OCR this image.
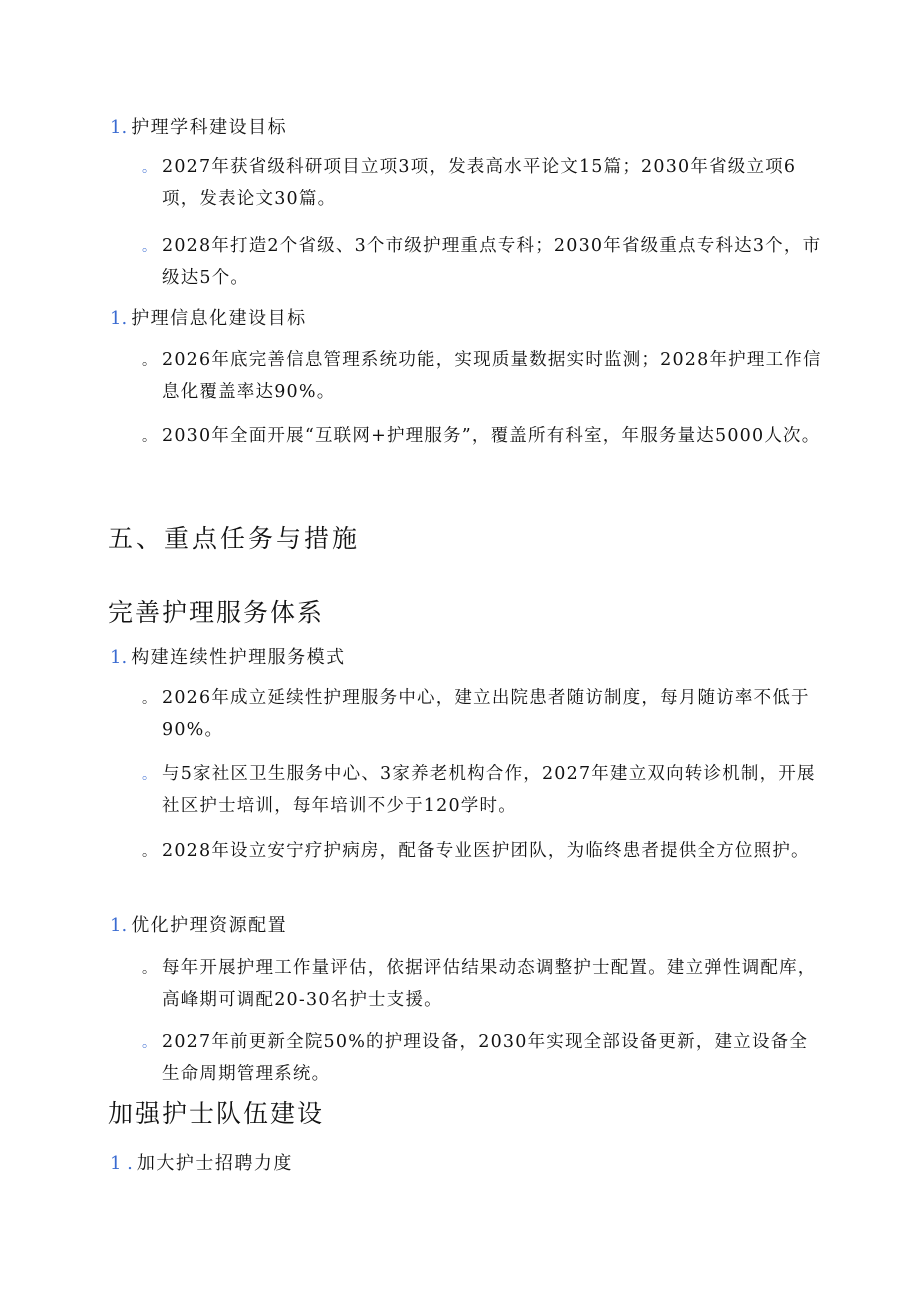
1. 护理学科建设目标
。 2027年获省级科研项目立项3项，发表高水平论文15篇；2030年省级立项6项，发表论文30篇。
。 2028年打造2个省级、3个市级护理重点专科；2030年省级重点专科达3个，市级达5个。
1. 护理信息化建设目标
。 2026年底完善信息管理系统功能，实现质量数据实时监测；2028年护理工作信息化覆盖率达90%。
。 2030年全面开展“互联网+护理服务”，覆盖所有科室，年服务量达5000人次。
五、重点任务与措施
完善护理服务体系
1. 构建连续性护理服务模式
。 2026年成立延续性护理服务中心，建立出院患者随访制度，每月随访率不低于90%。
。 与5家社区卫生服务中心、3家养老机构合作，2027年建立双向转诊机制，开展社区护士培训，每年培训不少于120学时。
。 2028年设立安宁疗护病房，配备专业医护团队，为临终患者提供全方位照护。
1. 优化护理资源配置
。 每年开展护理工作量评估，依据评估结果动态调整护士配置。建立弹性调配库，高峰期可调配20-30名护士支援。
。 2027年前更新全院50%的护理设备，2030年实现全部设备更新，建立设备全生命周期管理系统。
加强护士队伍建设
1 . 加大护士招聘力度
